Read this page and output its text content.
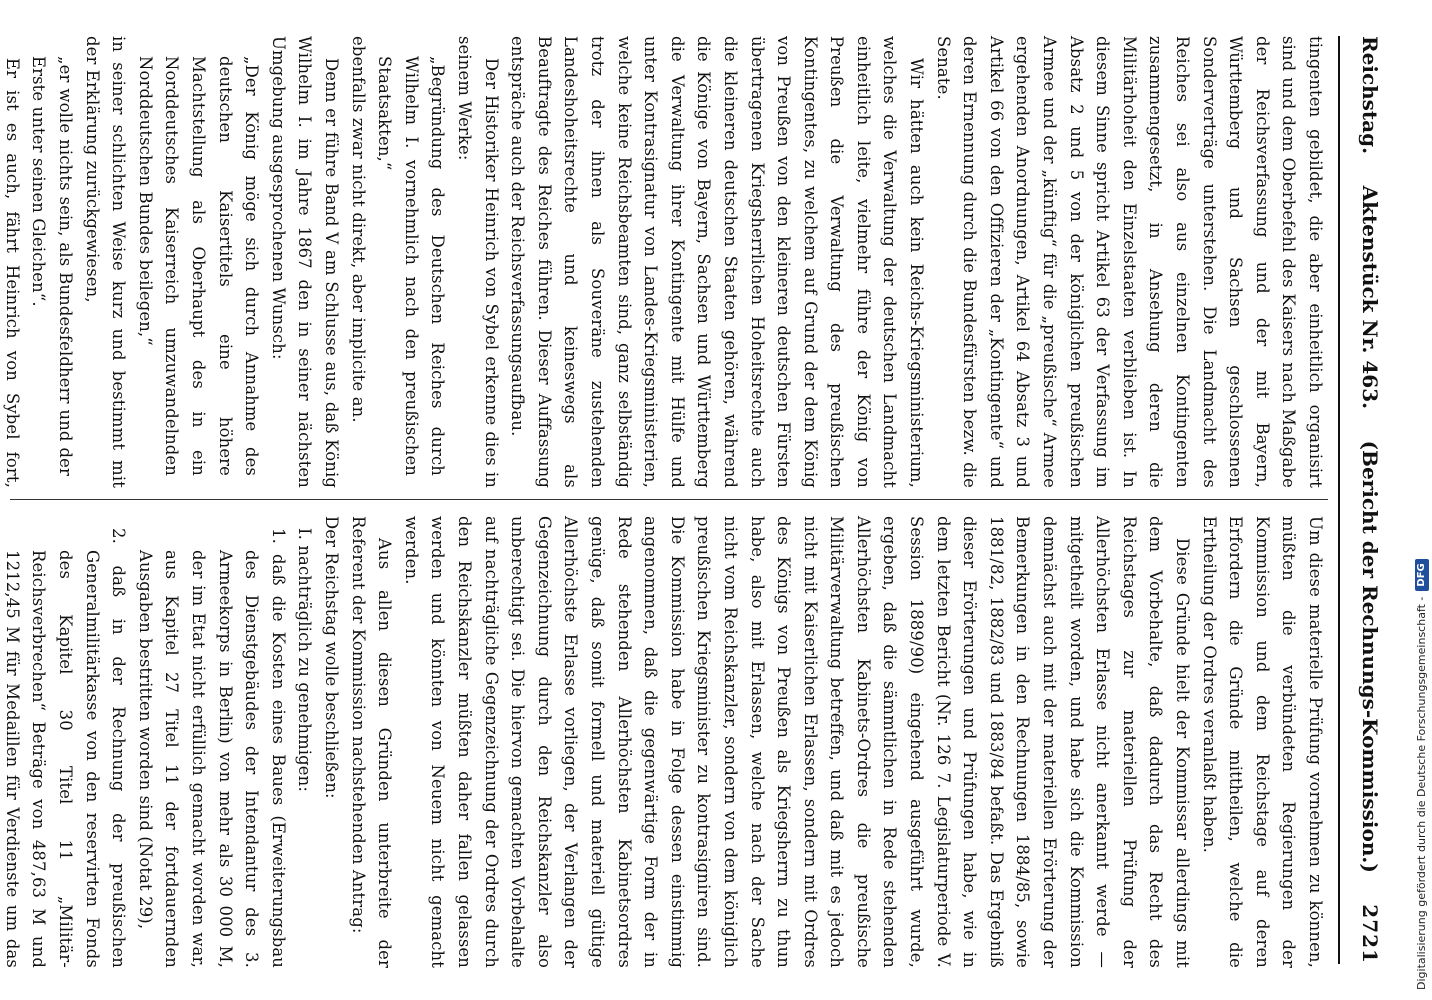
Reichstag.
Aktenstück Nr. 463.
(Bericht der Rechnungs-Kommission.)
2721

tingenten gebildet, die aber einheitlich organisirt sind und dem Oberbefehl des Kaisers nach Maßgabe der Reichsverfassung und der mit Bayern, Württemberg und Sachsen geschlossenen Sonderverträge unterstehen. Die Landmacht des Reiches sei also aus einzelnen Kontingenten zusammengesetzt, in Ansehung deren die Militärhoheit den Einzelstaaten verblieben ist. In diesem Sinne spricht Artikel 63 der Verfassung im Absatz 2 und 5 von der königlichen preußischen Armee und der „künftig“ für die „preußische“ Armee ergehenden Anordnungen, Artikel 64 Absatz 3 und Artikel 66 von den Offizieren der „Kontingente“ und deren Ernennung durch die Bundesfürsten bezw. die Senate.

Wir hätten auch kein Reichs-Kriegsministerium, welches die Verwaltung der deutschen Landmacht einheitlich leite, vielmehr führe der König von Preußen die Verwaltung des preußischen Kontingentes, zu welchem auf Grund der dem König von Preußen von den kleineren deutschen Fürsten übertragenen Kriegsherrlichen Hoheitsrechte auch die kleineren deutschen Staaten gehören, während die Könige von Bayern, Sachsen und Württemberg die Verwaltung ihrer Kontingente mit Hülfe und unter Kontrasignatur von Landes-Kriegsministerien, welche keine Reichsbeamten sind, ganz selbständig trotz der ihnen als Souveräne zustehenden Landeshoheitsrechte und keineswegs als Beauftragte des Reiches führen. Dieser Auffassung entspräche auch der Reichsverfassungsaufbau.

Der Historiker Heinrich von Sybel erkenne dies in seinem Werke:

„Begründung des Deutschen Reiches durch Wilhelm I. vornehmlich nach den preußischen Staatsakten,“

ebenfalls zwar nicht direkt, aber implicite an.

Denn er führe Band V am Schlusse aus, daß König Wilhelm I. im Jahre 1867 den in seiner nächsten Umgebung ausgesprochenen Wunsch:

„Der König möge sich durch Annahme des deutschen Kaisertitels eine höhere Machtstellung als Oberhaupt des in ein Norddeutsches Kaiserreich umzuwandelnden Norddeutschen Bundes beilegen,“

in seiner schlichten Weise kurz und bestimmt mit der Erklärung zurückgewiesen,

„er wolle nichts sein, als Bundesfeldherr und der Erste unter seinen Gleichen“.

Er ist es auch, fährt Heinrich von Sybel fort,

Um diese materielle Prüfung vornehmen zu können, müßten die verbündeten Regierungen der Kommission und dem Reichstage auf deren Erfordern die Gründe mittheilen, welche die Ertheilung der Ordres veranlaßt haben.

Diese Gründe hielt der Kommissar allerdings mit dem Vorbehalte, daß dadurch das Recht des Reichstages zur materiellen Prüfung der Allerhöchsten Erlasse nicht anerkannt werde — mitgetheilt worden, und habe sich die Kommission demnächst auch mit der materiellen Erörterung der Bemerkungen in den Rechnungen 1884/85, sowie 1881/82, 1882/83 und 1883/84 befaßt. Das Ergebniß dieser Erörterungen und Prüfungen habe, wie in dem letzten Bericht (Nr. 126 7. Legislaturperiode V. Session 1889/90) eingehend ausgeführt wurde, ergeben, daß die sämmtlichen in Rede stehenden Allerhöchsten Kabinets-Ordres die preußische Militärverwaltung betreffen, und daß mit es jedoch nicht mit Kaiserlichen Erlassen, sondern mit Ordres des Königs von Preußen als Kriegsherrn zu thun habe, also mit Erlassen, welche nach der Sache nicht vom Reichskanzler, sondern von dem königlich preußischen Kriegsminister zu kontrasigniren sind. Die Kommission habe in Folge dessen einstimmig angenommen, daß die gegenwärtige Form der in Rede stehenden Allerhöchsten Kabinetsordres genüge, daß somit formell und materiell gültige Allerhöchste Erlasse vorliegen, der Verlangen der Gegenzeichnung durch den Reichskanzler also unberechtigt sei. Die hiervon gemachten Vorbehalte auf nachträgliche Gegenzeichnung der Ordres durch den Reichskanzler müßten daher fallen gelassen werden und könnten von Neuem nicht gemacht werden.

Aus allen diesen Gründen unterbreite der Referent der Kommission nachstehenden Antrag:

Der Reichstag wolle beschließen:

I. nachträglich zu genehmigen:

1. daß die Kosten eines Baues (Erweiterungsbau des Dienstgebäudes der Intendantur des 3. Armeekorps in Berlin) von mehr als 30 000 M, der im Etat nicht erfüllich gemacht worden war, aus Kapitel 27 Titel 11 der fortdauernden Ausgaben bestritten worden sind (Notat 29),

2. daß in der Rechnung der preußischen Generalmilitärkasse von den reservirten Fonds des Kapitel 30 Titel 11 „Militär-Reichsverbrechen“ Beträge von 487,63 M und 1212,45 M für Medaillen für Verdienste um das	Digitalisierung gefördert durch die Deutsche Forschungsgemeinschaft -
DFG
